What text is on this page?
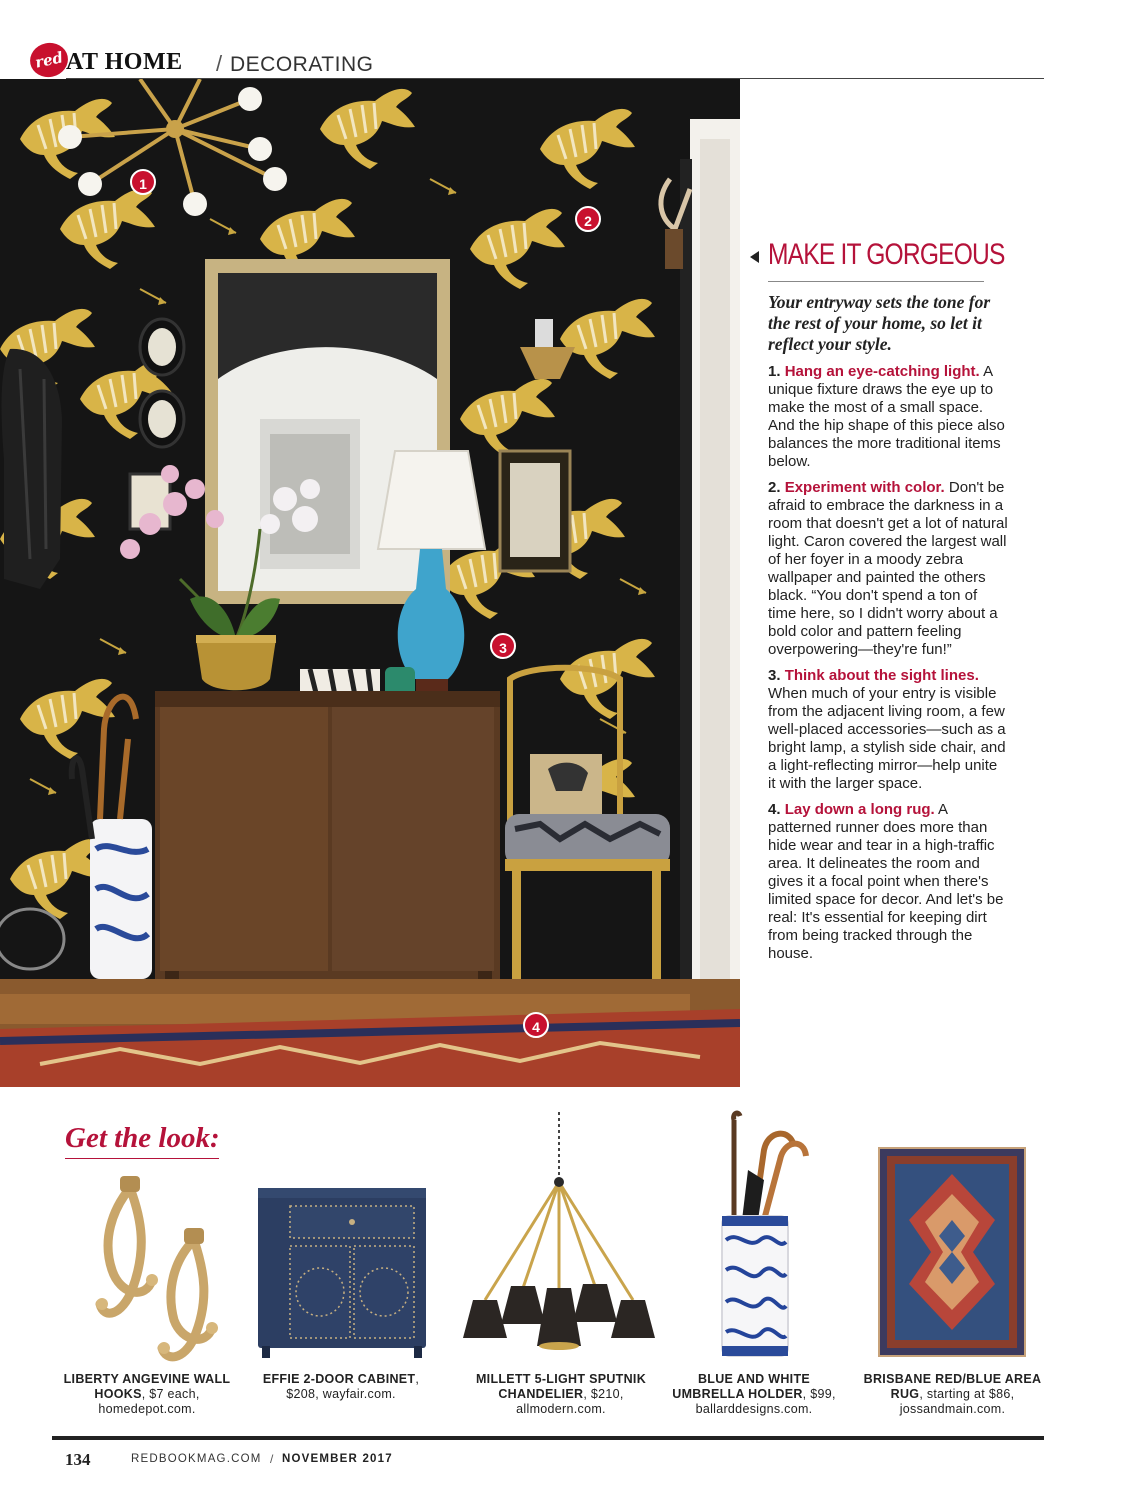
red AT HOME / DECORATING
1
2
3
4
MAKE IT GORGEOUS
Your entryway sets the tone for the rest of your home, so let it reflect your style.
1. Hang an eye-catching light. A unique fixture draws the eye up to make the most of a small space. And the hip shape of this piece also balances the more traditional items below.
2. Experiment with color. Don't be afraid to embrace the darkness in a room that doesn't get a lot of natural light. Caron covered the largest wall of her foyer in a moody zebra wallpaper and painted the others black. “You don't spend a ton of time here, so I didn't worry about a bold color and pattern feeling overpowering—they're fun!”
3. Think about the sight lines. When much of your entry is visible from the adjacent living room, a few well-placed accessories—such as a bright lamp, a stylish side chair, and a light-reflecting mirror—help unite it with the larger space.
4. Lay down a long rug. A patterned runner does more than hide wear and tear in a high-traffic area. It delineates the room and gives it a focal point when there's limited space for decor. And let's be real: It's essential for keeping dirt from being tracked through the house.
Get the look:
LIBERTY ANGEVINE WALL HOOKS, $7 each, homedepot.com.
EFFIE 2-DOOR CABINET, $208, wayfair.com.
MILLETT 5-LIGHT SPUTNIK CHANDELIER, $210, allmodern.com.
BLUE AND WHITE UMBRELLA HOLDER, $99, ballarddesigns.com.
BRISBANE RED/BLUE AREA RUG, starting at $86, jossandmain.com.
134	REDBOOKMAG.COM / NOVEMBER 2017
